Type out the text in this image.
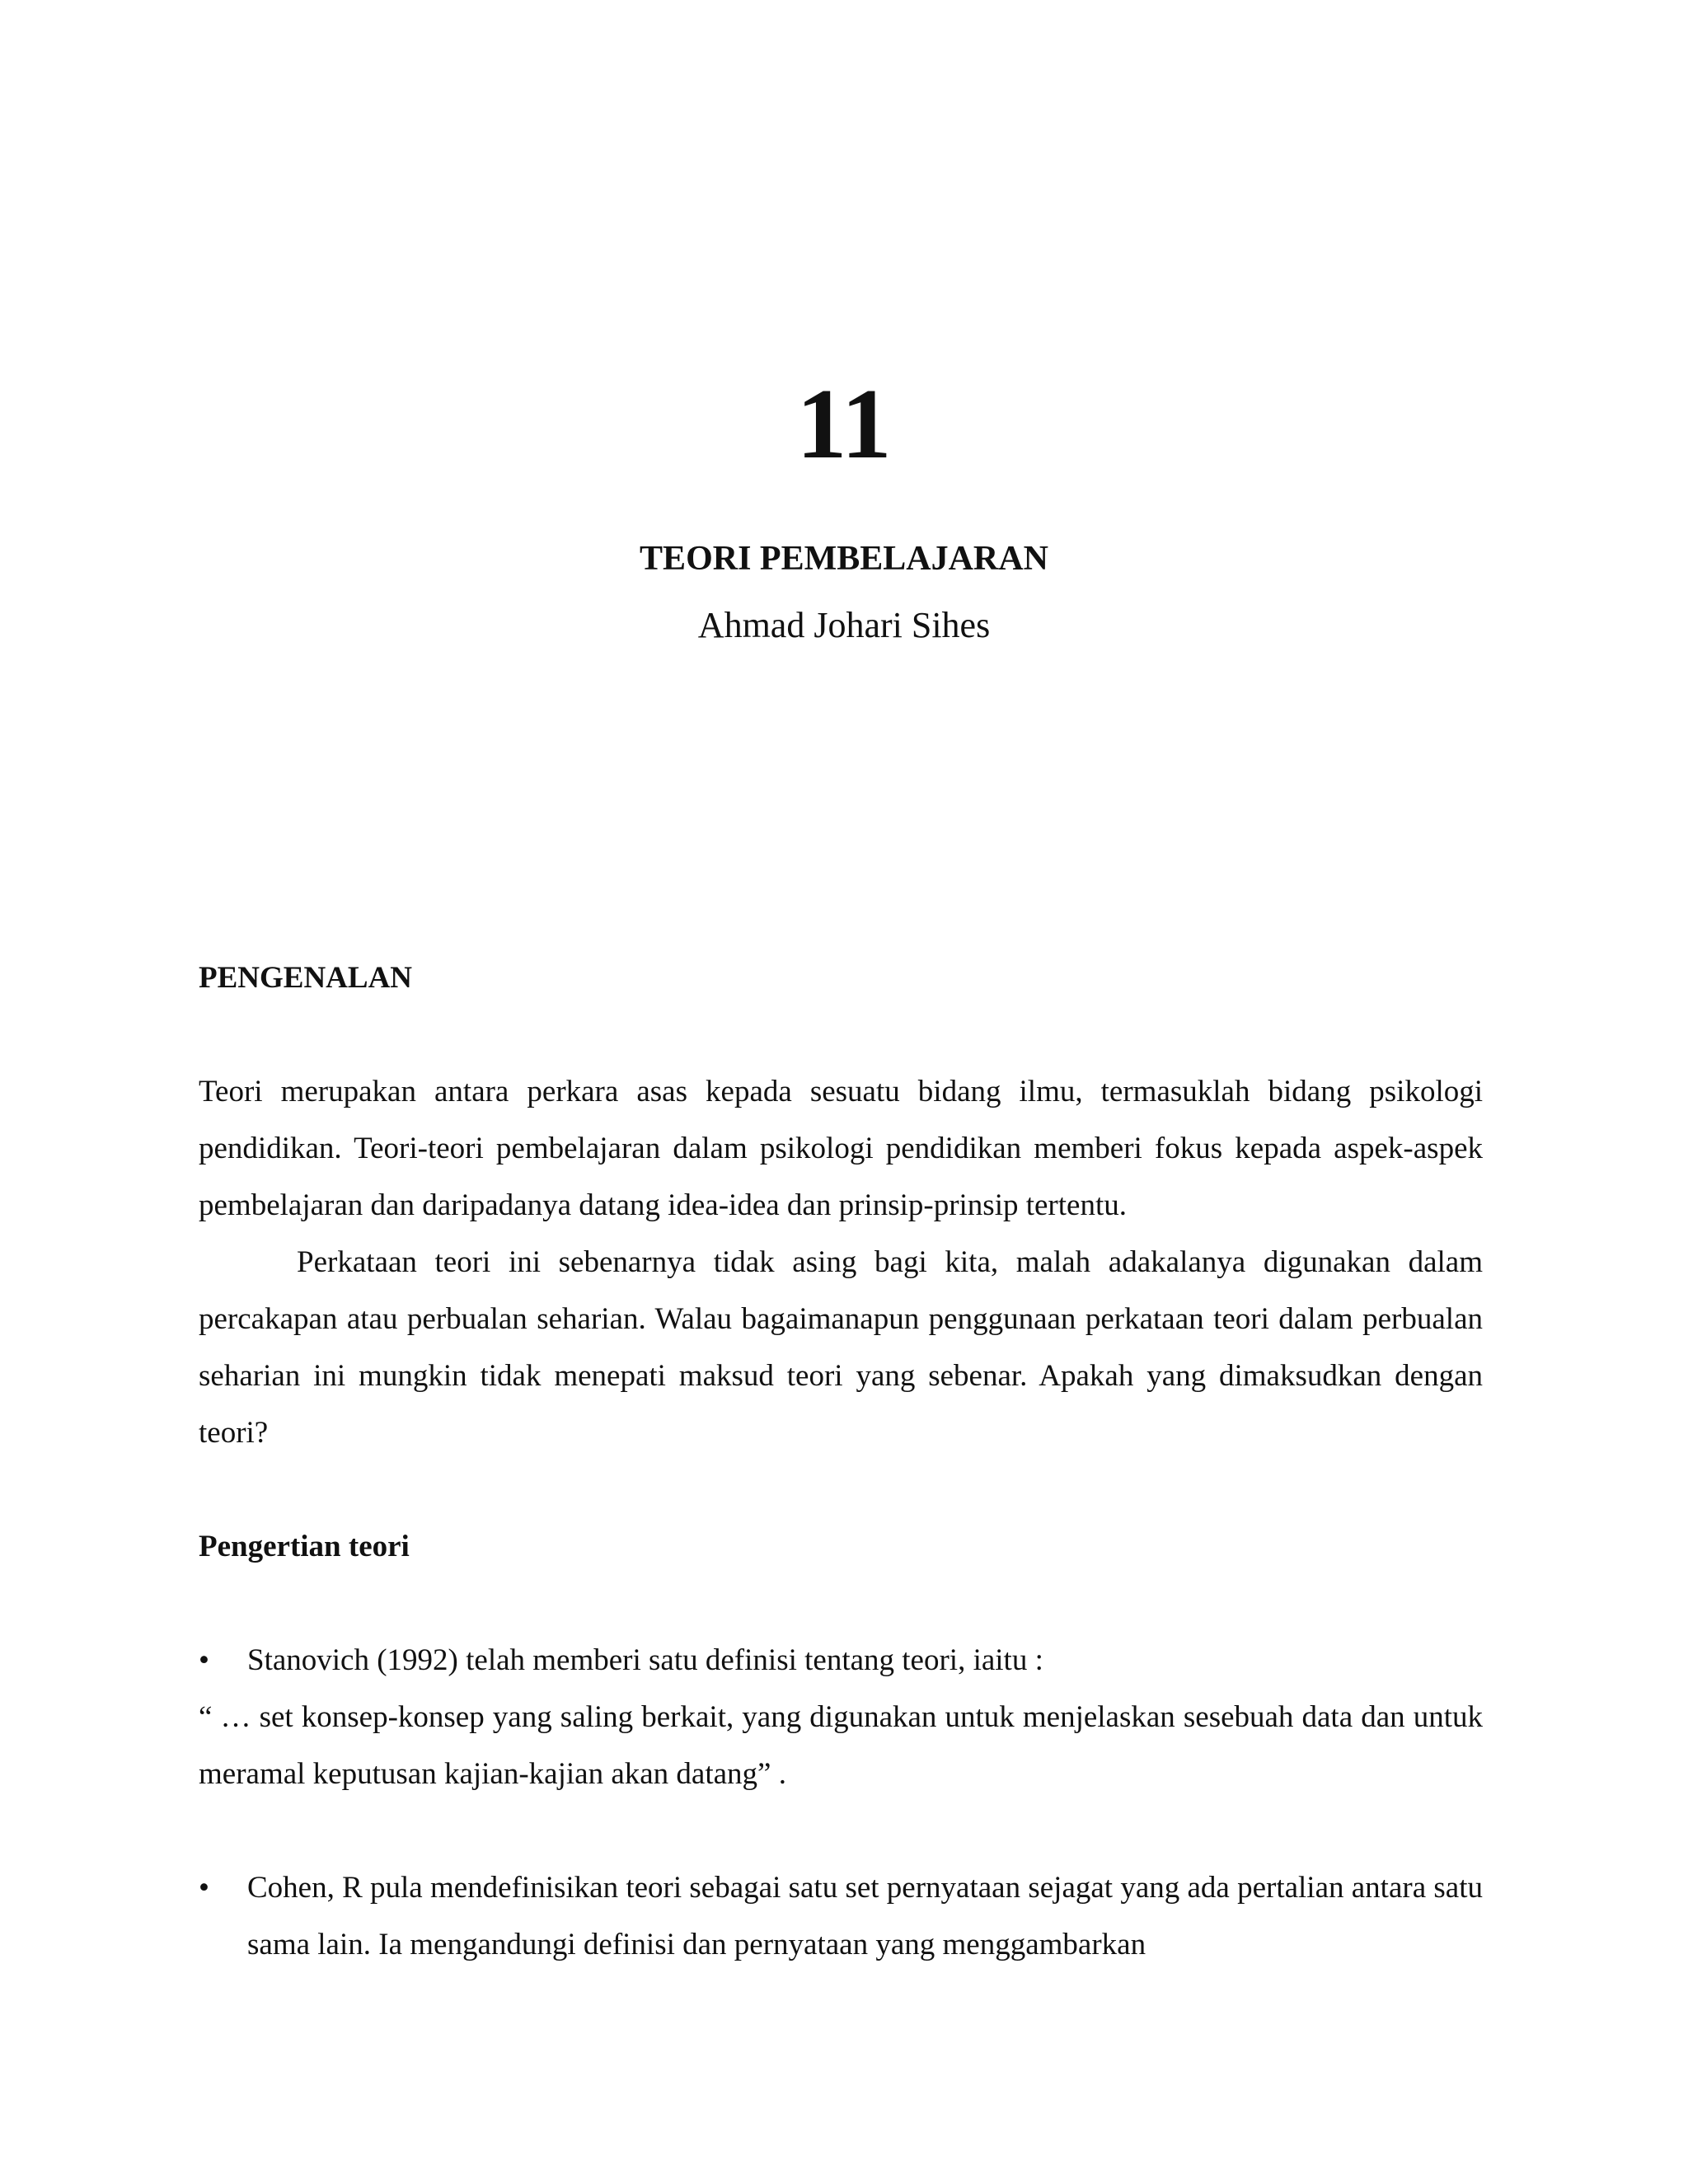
11
TEORI PEMBELAJARAN
Ahmad Johari Sihes
PENGENALAN

Teori merupakan antara perkara asas kepada sesuatu bidang ilmu, termasuklah bidang psikologi pendidikan. Teori-teori pembelajaran dalam psikologi pendidikan memberi fokus kepada aspek-aspek pembelajaran dan daripadanya datang idea-idea dan prinsip-prinsip tertentu.

Perkataan teori ini sebenarnya tidak asing bagi kita, malah adakalanya digunakan dalam percakapan atau perbualan seharian. Walau bagaimanapun penggunaan perkataan teori dalam perbualan seharian ini mungkin tidak menepati maksud teori yang sebenar. Apakah yang dimaksudkan dengan teori?

Pengertian teori
• Stanovich (1992) telah memberi satu definisi tentang teori, iaitu :

“ … set konsep-konsep yang saling berkait, yang digunakan untuk menjelaskan sesebuah data dan untuk meramal keputusan kajian-kajian akan datang” .

• Cohen, R pula mendefinisikan teori sebagai satu set pernyataan sejagat yang ada pertalian antara satu sama lain. Ia mengandungi definisi dan pernyataan yang menggambarkan
